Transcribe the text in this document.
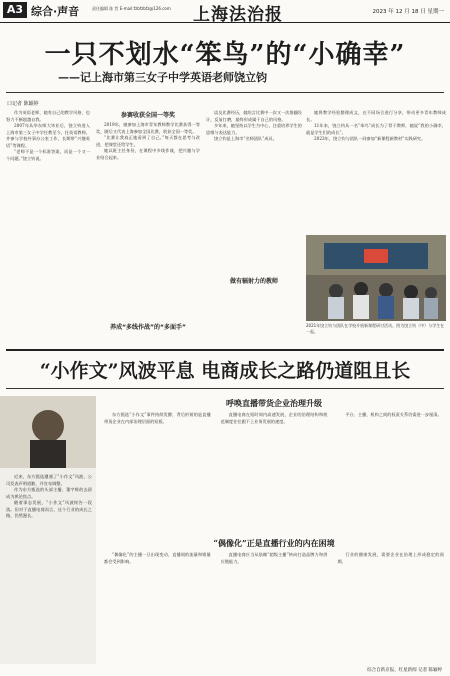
A3 综合·声音	责任编辑 陈 哲 E-mail:fzbfzbfz@126.com 上海法治报	2023 年 12 月 18 日 星期一
一只不划水“笨鸟”的“小确幸”
——记上海市第三女子中学英语老师饶立钧
口记者 陈颖婷

作为英语老师，她有自己的教学风格，也努力不断超越自我。

2007年从华东师大毕业后，饶立钧进入上海市第三女子中学任教至今，任英语教师，并参与学校外事办公室工作，长期带“兴趣英语”等课程。

“老师不是一个标准答案，而是一个又一个问题。”饶立钧说。

参赛收获全国一等奖

2019年，她参加上海市青年教师教学比赛获得一等奖，随后又代表上海参加全国比赛，收获全国一等奖。

“比赛让我真正地看到了自己。”每天都在思考与改进，把课堂还给学生。

她以班主任身份，在课程中多线作战，把兴趣与学业结合起来。

养成“多线作战”的“多面手”

谈及比赛经历，她坦言比赛中一次又一次推翻设计，反复打磨，最终形成属于自己的风格。

多年来，她坚持以学生为中心，注重培养学生的思维与表达能力。

饶立钧是上海市“名师团队”成员。

做有辐射力的教师

她将教学经验整理成文，在不同场合进行分享，带动更多青年教师成长。

11年来，饶立钧从一名“笨鸟”成长为了骨干教师，她说“我的小确幸，就是学生们的成长”。

2023年，饶立钧与团队一同参加“新课程新教材”实践研究。

2021年饶立钧与团队在学校开展新课程研讨活动。图为饶立钧（中）与学生在一起。
“小作文”风波平息 电商成长之路仍道阻且长

近来，东方甄选遭遇了“小作文”风波，公司发表声明道歉，并宣布调整。

作为东方甄选的头部主播，董宇辉的去留成为舆论焦点。

随着事态发展，“小作文”风波终告一段落。但对于直播电商而言，这个行业的成长之路，仍然漫长。

呼唤直播带货企业治理升级

东方甄选“小作文”事件持续发酵，背后折射的是直播带货企业在内部治理层面的短板。

直播电商在短时间内高速发展，企业的治理结构和规范制度往往跟不上业务发展的速度。

平台、主播、机构之间的权责关系仍需进一步厘清。

“偶像化”正是直播行业的内在困境

“偶像化”的主播一旦出现变动，直播间的流量和销量都会受到影响。

直播电商应当从依赖“超级主播”转向打造品牌力和供应链能力。

行业的健康发展，需要企业在治理上形成稳定的预期。

综合自新京报、红星新闻 记者 陈颖婷
